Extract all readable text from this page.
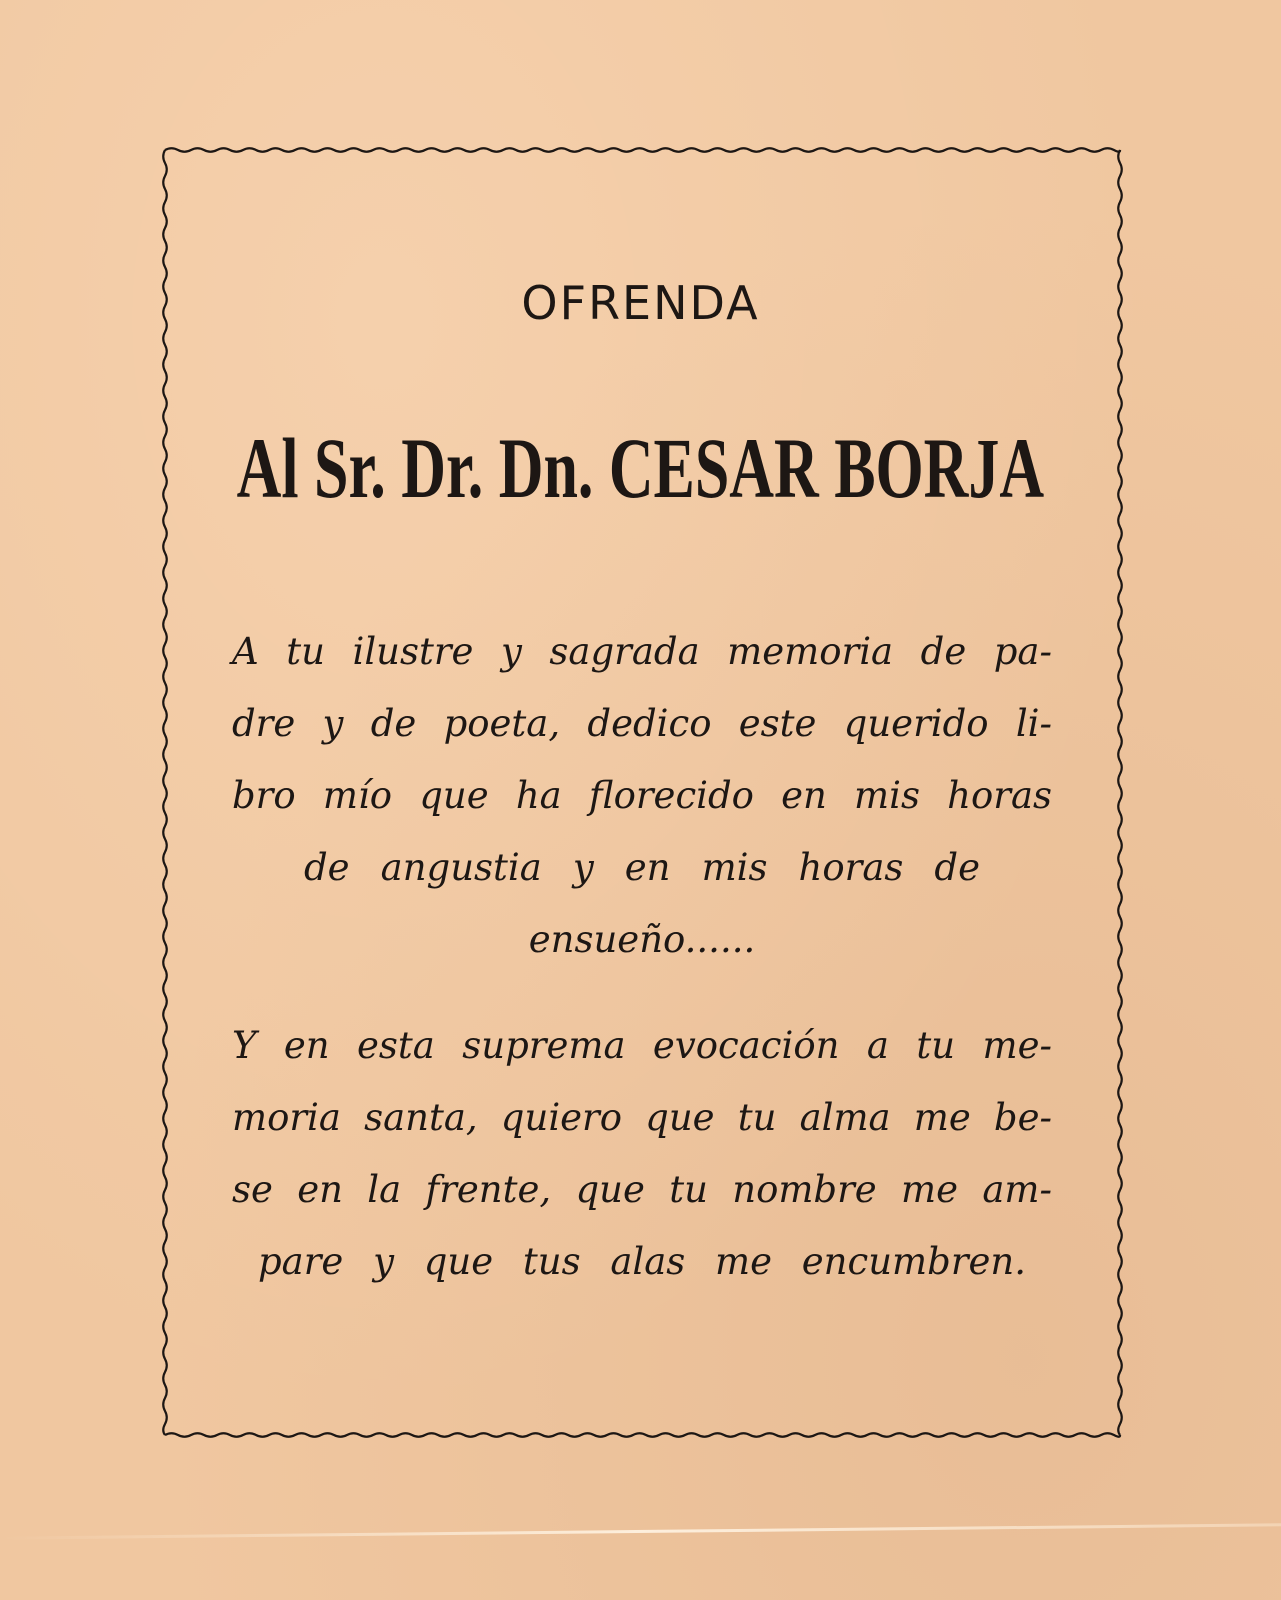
OFRENDA
Al Sr. Dr. Dn. CESAR BORJA
A tu ilustre y sagrada memoria de pa-
dre y de poeta, dedico este querido li-
bro mío que ha florecido en mis horas
de angustia y en mis horas de
ensueño......
Y en esta suprema evocación a tu me-
moria santa, quiero que tu alma me be-
se en la frente, que tu nombre me am-
pare y que tus alas me encumbren.
